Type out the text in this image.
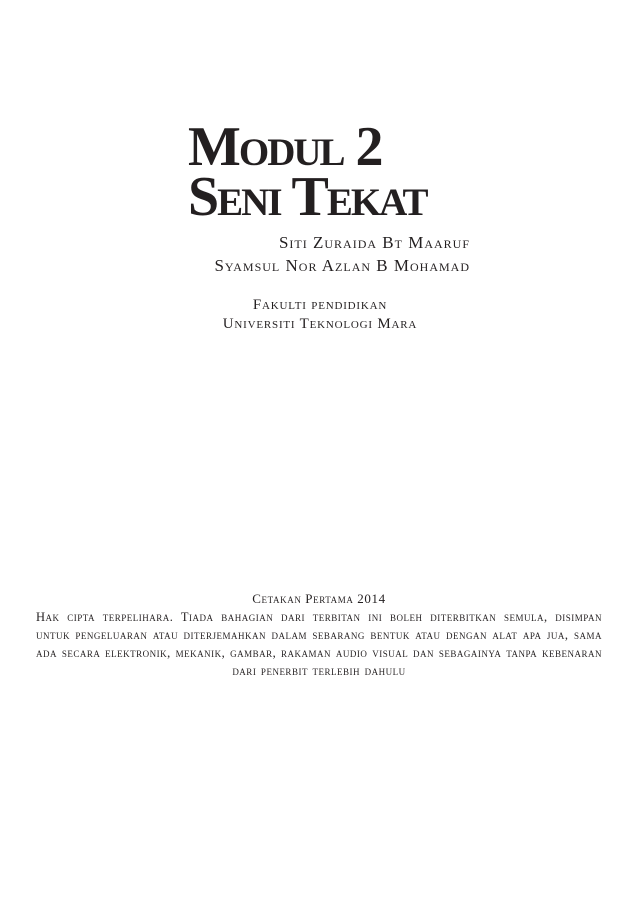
Modul 2
Seni Tekat
Siti Zuraida Bt Maaruf
Syamsul Nor Azlan B Mohamad
Fakulti pendidikan
Universiti Teknologi Mara
Cetakan Pertama 2014

Hak cipta terpelihara. Tiada bahagian dari terbitan ini boleh diterbitkan semula, disimpan untuk pengeluaran atau diterjemahkan dalam sebarang bentuk atau dengan alat apa jua, sama ada secara elektronik, mekanik, gambar, rakaman audio visual dan sebagainya tanpa kebenaran dari penerbit terlebih dahulu
